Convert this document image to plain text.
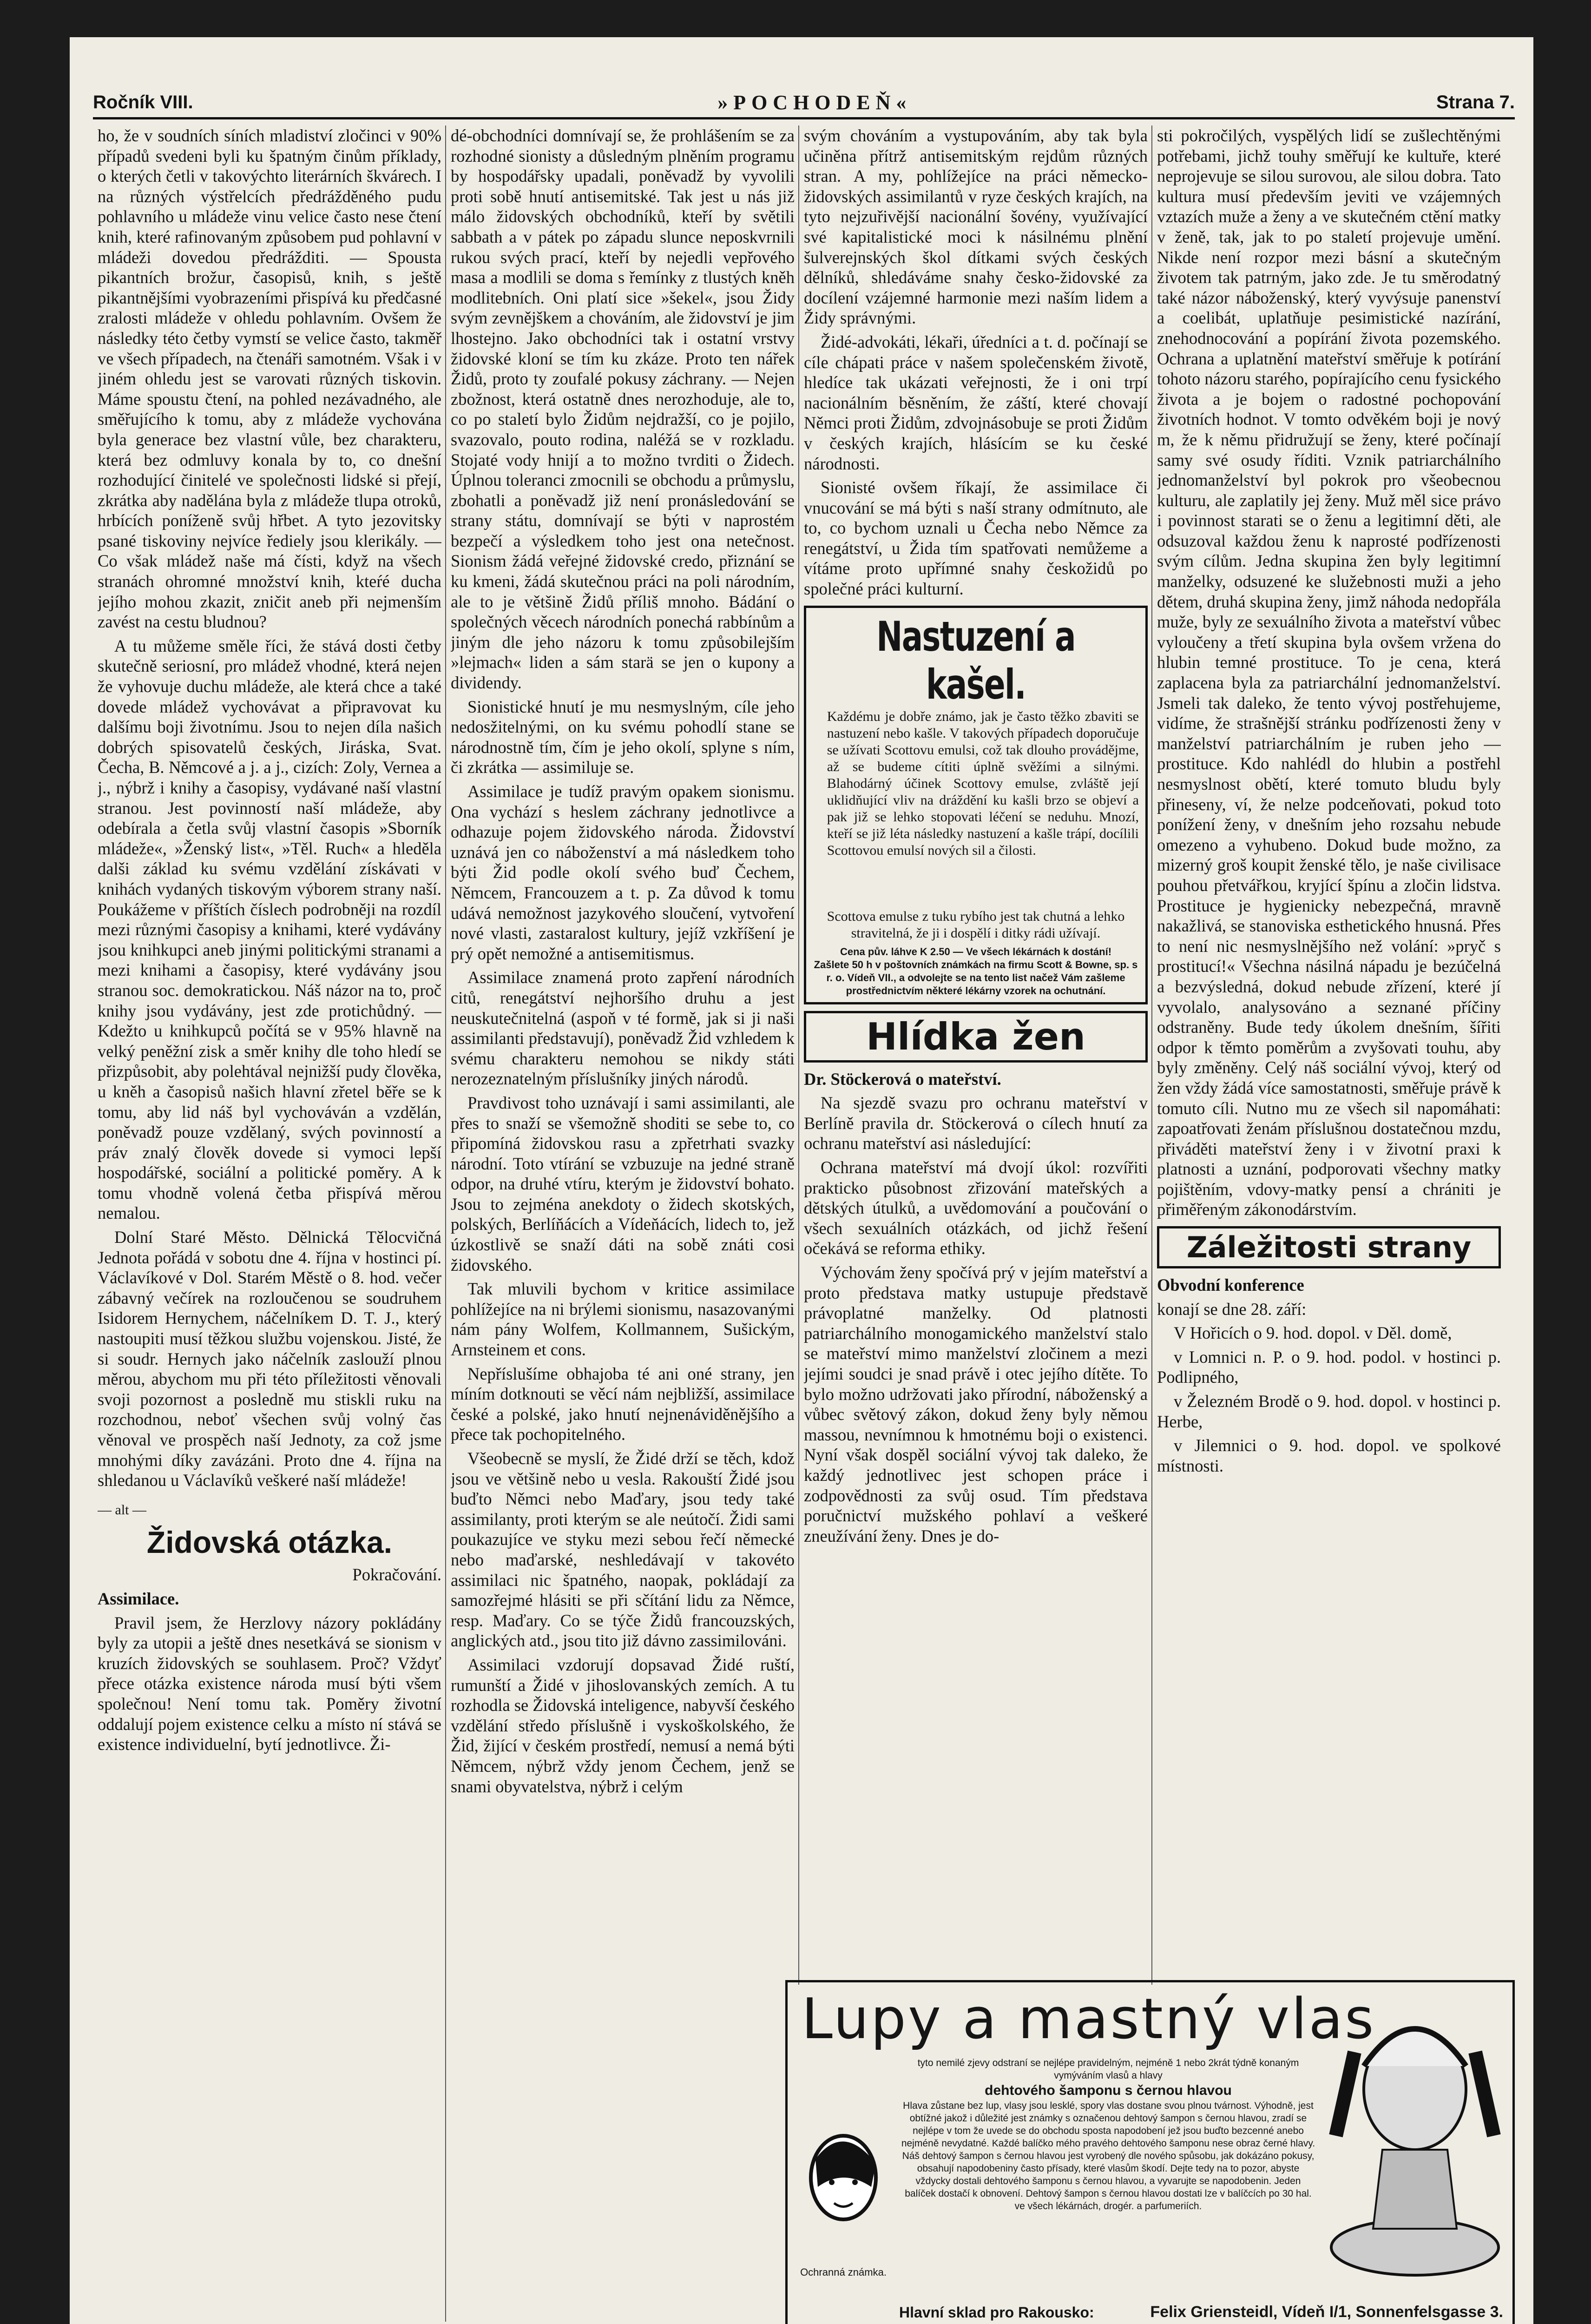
Ročník VIII.	»POCHODEŇ«	Strana 7.

ho, že v soudních síních mladiství zločinci v 90% případů svedeni byli ku špatným činům příklady, o kterých četli v takovýchto literárních škvárech. I na různých výstřelcích předrážděného pudu pohlavního u mládeže vinu velice často nese čtení knih, které rafinovaným způsobem pud pohlavní v mládeži dovedou předrážditi. — Spousta pikantních brožur, časopisů, knih, s ještě pikantnějšími vyobrazeními přispívá ku předčasné zralosti mládeže v ohledu pohlavním. Ovšem že následky této četby vymstí se velice často, takměř ve všech případech, na čtenáři samotném. Však i v jiném ohledu jest se varovati různých tiskovin. Máme spoustu čtení, na pohled nezávadného, ale směřujícího k tomu, aby z mládeže vychována byla generace bez vlastní vůle, bez charakteru, která bez odmluvy konala by to, co dnešní rozhodující činitelé ve společnosti lidské si přejí, zkrátka aby nadělána byla z mládeže tlupa otroků, hrbících poníženě svůj hřbet. A tyto jezovitsky psané tiskoviny nejvíce řediely jsou klerikály. — Co však mládež naše má čísti, když na všech stranách ohromné množství knih, kteŕé ducha jejího mohou zkazit, zničit aneb při nejmenším zavést na cestu bludnou?

A tu můžeme směle říci, že stává dosti četby skutečně seriosní, pro mládež vhodné, která nejen že vyhovuje duchu mládeže, ale která chce a také dovede mládež vychovávat a připravovat ku dalšímu boji životnímu. Jsou to nejen díla našich dobrých spisovatelů českých, Jiráska, Svat. Čecha, B. Němcové a j. a j., cizích: Zoly, Vernea a j., nýbrž i knihy a časopisy, vydávané naší vlastní stranou. Jest povinností naší mládeže, aby odebírala a četla svůj vlastní časopis »Sborník mládeže«, »Ženský list«, »Těl. Ruch« a hleděla dalši základ ku svému vzdělání získávati v knihách vydaných tiskovým výborem strany naší. Poukážeme v příštích číslech podrobněji na rozdíl mezi různými časopisy a knihami, které vydávány jsou knihkupci aneb jinými politickými stranami a mezi knihami a časopisy, které vydávány jsou stranou soc. demokratickou. Náš názor na to, proč knihy jsou vydávány, jest zde protichůdný. — Kdežto u knihkupců počítá se v 95% hlavně na velký peněžní zisk a směr knihy dle toho hledí se přizpůsobit, aby polehtával nejnižší pudy člověka, u kněh a časopisů našich hlavní zřetel běře se k tomu, aby lid náš byl vychováván a vzdělán, poněvadž pouze vzdělaný, svých povinností a práv znalý člověk dovede si vymoci lepší hospodářské, sociální a politické poměry. A k tomu vhodně volená četba přispívá měrou nemalou.

Dolní Staré Město. Dělnická Tělocvičná Jednota pořádá v sobotu dne 4. října v hostinci pí. Václavíkové v Dol. Starém Městě o 8. hod. večer zábavný večírek na rozloučenou se soudruhem Isidorem Hernychem, náčelníkem D. T. J., který nastoupiti musí těžkou službu vojenskou. Jisté, že si soudr. Hernych jako náčelník zaslouží plnou měrou, abychom mu při této příležitosti věnovali svoji pozornost a posledně mu stiskli ruku na rozchodnou, neboť všechen svůj volný čas věnoval ve prospěch naší Jednoty, za což jsme mnohými díky zavázáni. Proto dne 4. října na shledanou u Václavíků veškeré naší mládeže!

— alt —

Židovská otázka.

Pokračování.

Assimilace.

Pravil jsem, že Herzlovy názory pokládány byly za utopii a ještě dnes nesetkává se sionism v kruzích židovských se souhlasem. Proč? Vždyť přece otázka existence národa musí býti všem společnou! Není tomu tak. Poměry životní oddalují pojem existence celku a místo ní stává se existence individuelní, bytí jednotlivce. Ži-

dé-obchodníci domnívají se, že prohlášením se za rozhodné sionisty a důsledným plněním programu by hospodářsky upadali, poněvadž by vyvolili proti sobě hnutí antisemitské. Tak jest u nás již málo židovských obchodníků, kteří by světili sabbath a v pátek po západu slunce neposkvrnili rukou svých prací, kteří by nejedli vepřového masa a modlili se doma s řemínky z tlustých kněh modlitebních. Oni platí sice »šekel«, jsou Židy svým zevnějškem a chováním, ale židovství je jim lhostejno. Jako obchodníci tak i ostatní vrstvy židovské kloní se tím ku zkáze. Proto ten nářek Židů, proto ty zoufalé pokusy záchrany. — Nejen zbožnost, která ostatně dnes nerozhoduje, ale to, co po staletí bylo Židům nejdražší, co je pojilo, svazovalo, pouto rodina, naléžá se v rozkladu. Stojaté vody hnijí a to možno tvrditi o Židech. Úplnou toleranci zmocnili se obchodu a průmyslu, zbohatli a poněvadž již není pronásledování se strany státu, domnívají se býti v naprostém bezpečí a výsledkem toho jest ona netečnost. Sionism žádá veřejné židovské credo, přiznání se ku kmeni, žádá skutečnou práci na poli národním, ale to je většině Židů příliš mnoho. Bádání o společných věcech národních ponechá rabbínům a jiným dle jeho názoru k tomu způsobilejším »lejmach« liden a sám starä se jen o kupony a dividendy.

Sionistické hnutí je mu nesmyslným, cíle jeho nedosžitelnými, on ku svému pohodlí stane se národnostně tím, čím je jeho okolí, splyne s ním, či zkrátka — assimiluje se.

Assimilace je tudíž pravým opakem sionismu. Ona vychází s heslem záchrany jednotlivce a odhazuje pojem židovského národa. Židovství uznává jen co náboženství a má následkem toho býti Žid podle okolí svého buď Čechem, Němcem, Francouzem a t. p. Za důvod k tomu udává nemožnost jazykového sloučení, vytvoření nové vlasti, zastaralost kultury, jejíž vzkříšení je prý opět nemožné a antisemitismus.

Assimilace znamená proto zapření národních citů, renegátství nejhoršího druhu a jest neuskutečnitelná (aspoň v té formě, jak si ji naši assimilanti představují), poněvadž Žid vzhledem k svému charakteru nemohou se nikdy státi nerozeznatelným příslušníky jiných národů.

Pravdivost toho uznávají i sami assimilanti, ale přes to snaží se všemožně shoditi se sebe to, co připomíná židovskou rasu a zpřetrhati svazky národní. Toto vtírání se vzbuzuje na jedné straně odpor, na druhé vtíru, kterým je židovství bohato. Jsou to zejména anekdoty o židech skotských, polských, Berlíňácích a Vídeňácích, lidech to, jež úzkostlivě se snaží dáti na sobě znáti cosi židovského.

Tak mluvili bychom v kritice assimilace pohlížejíce na ni brýlemi sionismu, nasazovanými nám pány Wolfem, Kollmannem, Sušickým, Arnsteinem et cons.

Nepříslušíme obhajoba té ani oné strany, jen míním dotknouti se věcí nám nejbližší, assimilace české a polské, jako hnutí nejnenáviděnějšího a přece tak pochopitelného.

Všeobecně se myslí, že Židé drží se těch, kdož jsou ve většině nebo u vesla. Rakouští Židé jsou buďto Němci nebo Maďary, jsou tedy také assimilanty, proti kterým se ale neútočí. Židi sami poukazujíce ve styku mezi sebou řečí německé nebo maďarské, neshledávají v takovéto assimilaci nic špatného, naopak, pokládají za samozřejmé hlásiti se při sčítání lidu za Němce, resp. Maďary. Co se týče Židů francouzských, anglických atd., jsou tito již dávno zassimilováni.

Assimilaci vzdorují dopsavad Židé ruští, rumunští a Židé v jihoslovanských zemích. A tu rozhodla se Židovská inteligence, nabyvší českého vzdělání středo příslušně i vyskoškolského, že Žid, žijící v českém prostředí, nemusí a nemá býti Němcem, nýbrž vždy jenom Čechem, jenž se snami obyvatelstva, nýbrž i celým

svým chováním a vystupováním, aby tak byla učiněna přítrž antisemitským rejdům různých stran. A my, pohlížejíce na práci německo-židovských assimilantů v ryze českých krajích, na tyto nejzuřivější nacionální šovény, využívající své kapitalistické moci k násilnému plnění šulverejnských škol dítkami svých českých dělníků, shledáváme snahy česko-židovské za docílení vzájemné harmonie mezi naším lidem a Židy správnými.

Židé-advokáti, lékaři, úředníci a t. d. počínají se cíle chápati práce v našem společenském životě, hledíce tak ukázati veřejnosti, že i oni trpí nacionálním běsněním, že záští, které chovají Němci proti Židům, zdvojnásobuje se proti Židům v českých krajích, hlásícím se ku české národnosti.

Sionisté ovšem říkají, že assimilace či vnucování se má býti s naší strany odmítnuto, ale to, co bychom uznali u Čecha nebo Němce za renegátství, u Žida tím spatřovati nemůžeme a vítáme proto upřímné snahy českožidů po společné práci kulturní.

Nastuzení a kašel.
Každému je dobře známo, jak je často těžko zbaviti se nastuzení nebo kašle. V takových případech doporučuje se užívati Scottovu emulsi, což tak dlouho provádějme, až se budeme cítiti úplně svěžími a silnými. Blahodárný účinek Scottovy emulse, zvláště její uklidňující vliv na dráždění ku kašli brzo se objeví a pak již se lehko stopovati léčení se neduhu. Mnozí, kteří se již léta následky nastuzení a kašle trápí, docílili Scottovou emulsí nových sil a čilosti.
Scottova emulse z tuku rybího jest tak chutná a lehko stravitelná, že ji i dospělí i ditky rádi užívají.
Cena pův. láhve K 2.50 — Ve všech lékárnách k dostání!
Zašlete 50 h v poštovních známkách na firmu Scott & Bowne, sp. s r. o. Vídeň VII., a odvolejte se na tento list načež Vám zašleme prostřednictvím některé lékárny vzorek na ochutnání.
Hlídka žen

Dr. Stöckerová o mateřství.

Na sjezdě svazu pro ochranu mateřství v Berlíně pravila dr. Stöckerová o cílech hnutí za ochranu mateřství asi následující:

Ochrana mateřství má dvojí úkol: rozvířiti prakticko působnost zřizování mateřských a dětských útulků, a uvědomování a poučování o všech sexuálních otázkách, od jichž řešení očekává se reforma ethiky.

Výchovám ženy spočívá prý v jejím mateřství a proto představa matky ustupuje představě právoplatné manželky. Od platnosti patriarchálního monogamického manželství stalo se mateřství mimo manželství zločinem a mezi jejími soudci je snad právě i otec jejího dítěte. To bylo možno udržovati jako přírodní, náboženský a vůbec světový zákon, dokud ženy byly němou massou, nevnímnou k hmotnému boji o existenci. Nyní však dospěl sociální vývoj tak daleko, že každý jednotlivec jest schopen práce i zodpovědnosti za svůj osud. Tím představa poručnictví mužského pohlaví a veškeré zneužívání ženy. Dnes je do-

sti pokročilých, vyspělých lidí se zušlechtěnými potřebami, jichž touhy směřují ke kultuře, které neprojevuje se silou surovou, ale silou dobra. Tato kultura musí především jeviti ve vzájemných vztazích muže a ženy a ve skutečném ctění matky v ženě, tak, jak to po staletí projevuje umění. Nikde není rozpor mezi básní a skutečným životem tak patrným, jako zde. Je tu směrodatný také názor náboženský, který vyvýsuje panenství a coelibát, uplatňuje pesimistické nazírání, znehodnocování a popírání života pozemského. Ochrana a uplatnění mateřství směřuje k potírání tohoto názoru starého, popírajícího cenu fysického života a je bojem o radostné pochopování životních hodnot. V tomto odvěkém boji je nový m, že k němu přidružují se ženy, které počínají samy své osudy říditi. Vznik patriarchálního jednomanželství byl pokrok pro všeobecnou kulturu, ale zaplatily jej ženy. Muž měl sice právo i povinnost starati se o ženu a legitimní děti, ale odsuzoval každou ženu k naprosté podřízenosti svým cílům. Jedna skupina žen byly legitimní manželky, odsuzené ke služebnosti muži a jeho dětem, druhá skupina ženy, jimž náhoda nedopřála muže, byly ze sexuálního života a mateřství vůbec vyloučeny a třetí skupina byla ovšem vržena do hlubin temné prostituce. To je cena, která zaplacena byla za patriarchální jednomanželství. Jsmeli tak daleko, že tento vývoj postřehujeme, vidíme, že strašnější stránku podřízenosti ženy v manželství patriarchálním je ruben jeho — prostituce. Kdo nahlédl do hlubin a postřehl nesmyslnost obětí, které tomuto bludu byly přineseny, ví, že nelze podceňovati, pokud toto ponížení ženy, v dnešním jeho rozsahu nebude omezeno a vyhubeno. Dokud bude možno, za mizerný groš koupit ženské tělo, je naše civilisace pouhou přetvářkou, kryjící špínu a zločin lidstva. Prostituce je hygienicky nebezpečná, mravně nakažlivá, se stanoviska esthetického hnusná. Přes to není nic nesmyslnějšího než volání: »pryč s prostitucí!« Všechna násilná nápadu je bezúčelná a bezvýsledná, dokud nebude zřízení, které jí vyvolalo, analysováno a seznané příčiny odstraněny. Bude tedy úkolem dnešním, šířiti odpor k těmto poměrům a zvyšovati touhu, aby byly změněny. Celý náš sociální vývoj, který od žen vždy žádá více samostatnosti, směřuje právě k tomuto cíli. Nutno mu ze všech sil napomáhati: zapoatřovati ženám příslušnou dostatečnou mzdu, přiváděti mateřství ženy i v životní praxi k platnosti a uznání, podporovati všechny matky pojištěním, vdovy-matky pensí a chrániti je přiměřeným zákonodárstvím.

Záležitosti strany

Obvodní konference

konají se dne 28. září:

V Hořicích o 9. hod. dopol. v Děl. domě,

v Lomnici n. P. o 9. hod. podol. v hostinci p. Podlipného,

v Železném Brodě o 9. hod. dopol. v hostinci p. Herbe,

v Jilemnici o 9. hod. dopol. ve spolkové místnosti.

Lupy a mastný vlas
Ochranná známka.
tyto nemilé zjevy odstraní se nejlépe pravidelným, nejméně 1 nebo 2krát týdně konaným vymýváním vlasů a hlavy
dehtového šamponu s černou hlavou
Hlava zůstane bez lup, vlasy jsou lesklé, spory vlas dostane svou plnou tvárnost. Výhodně, jest obtížné jakož i důležité jest známky s označenou dehtový šampon s černou hlavou, zradí se nejlépe v tom že uvede se do obchodu sposta napodobení jež jsou buďto bezcenné anebo nejméně nevydatné. Každé balíčko mého pravého dehtového šamponu nese obraz černé hlavy. Náš dehtový šampon s černou hlavou jest vyrobený dle nového spůsobu, jak dokázáno pokusy, obsahují napodobeniny často přísady, které vlasům škodí. Dejte tedy na to pozor, abyste vždycky dostali dehtového šamponu s černou hlavou, a vyvarujte se napodobenin. Jeden balíček dostačí k obnovení. Dehtový šampon s černou hlavou dostati lze v balíčcích po 30 hal. ve všech lékárnách, drogér. a parfumeriích.
Hlavní sklad pro Rakousko:	Felix Griensteidl, Vídeň I/1, Sonnenfelsgasse 3.
